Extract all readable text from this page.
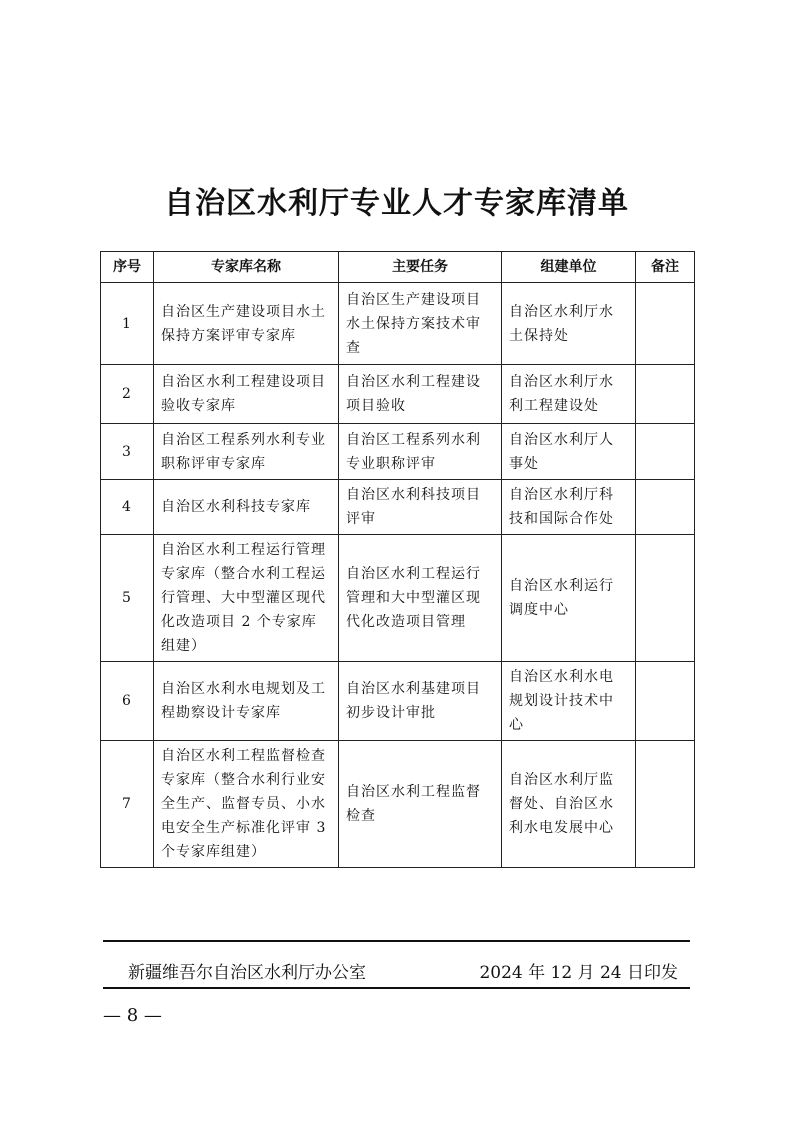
自治区水利厅专业人才专家库清单
序号	专家库名称	主要任务	组建单位	备注
1	自治区生产建设项目水土保持方案评审专家库	自治区生产建设项目水土保持方案技术审查	自治区水利厅水土保持处	
2	自治区水利工程建设项目验收专家库	自治区水利工程建设项目验收	自治区水利厅水利工程建设处	
3	自治区工程系列水利专业职称评审专家库	自治区工程系列水利专业职称评审	自治区水利厅人事处	
4	自治区水利科技专家库	自治区水利科技项目评审	自治区水利厅科技和国际合作处	
5	自治区水利工程运行管理专家库（整合水利工程运行管理、大中型灌区现代化改造项目 2 个专家库组建）	自治区水利工程运行管理和大中型灌区现代化改造项目管理	自治区水利运行调度中心	
6	自治区水利水电规划及工程勘察设计专家库	自治区水利基建项目初步设计审批	自治区水利水电规划设计技术中心	
7	自治区水利工程监督检查专家库（整合水利行业安全生产、监督专员、小水电安全生产标准化评审 3 个专家库组建）	自治区水利工程监督检查	自治区水利厅监督处、自治区水利水电发展中心	
新疆维吾尔自治区水利厅办公室	2024 年 12 月 24 日印发
— 8 —
